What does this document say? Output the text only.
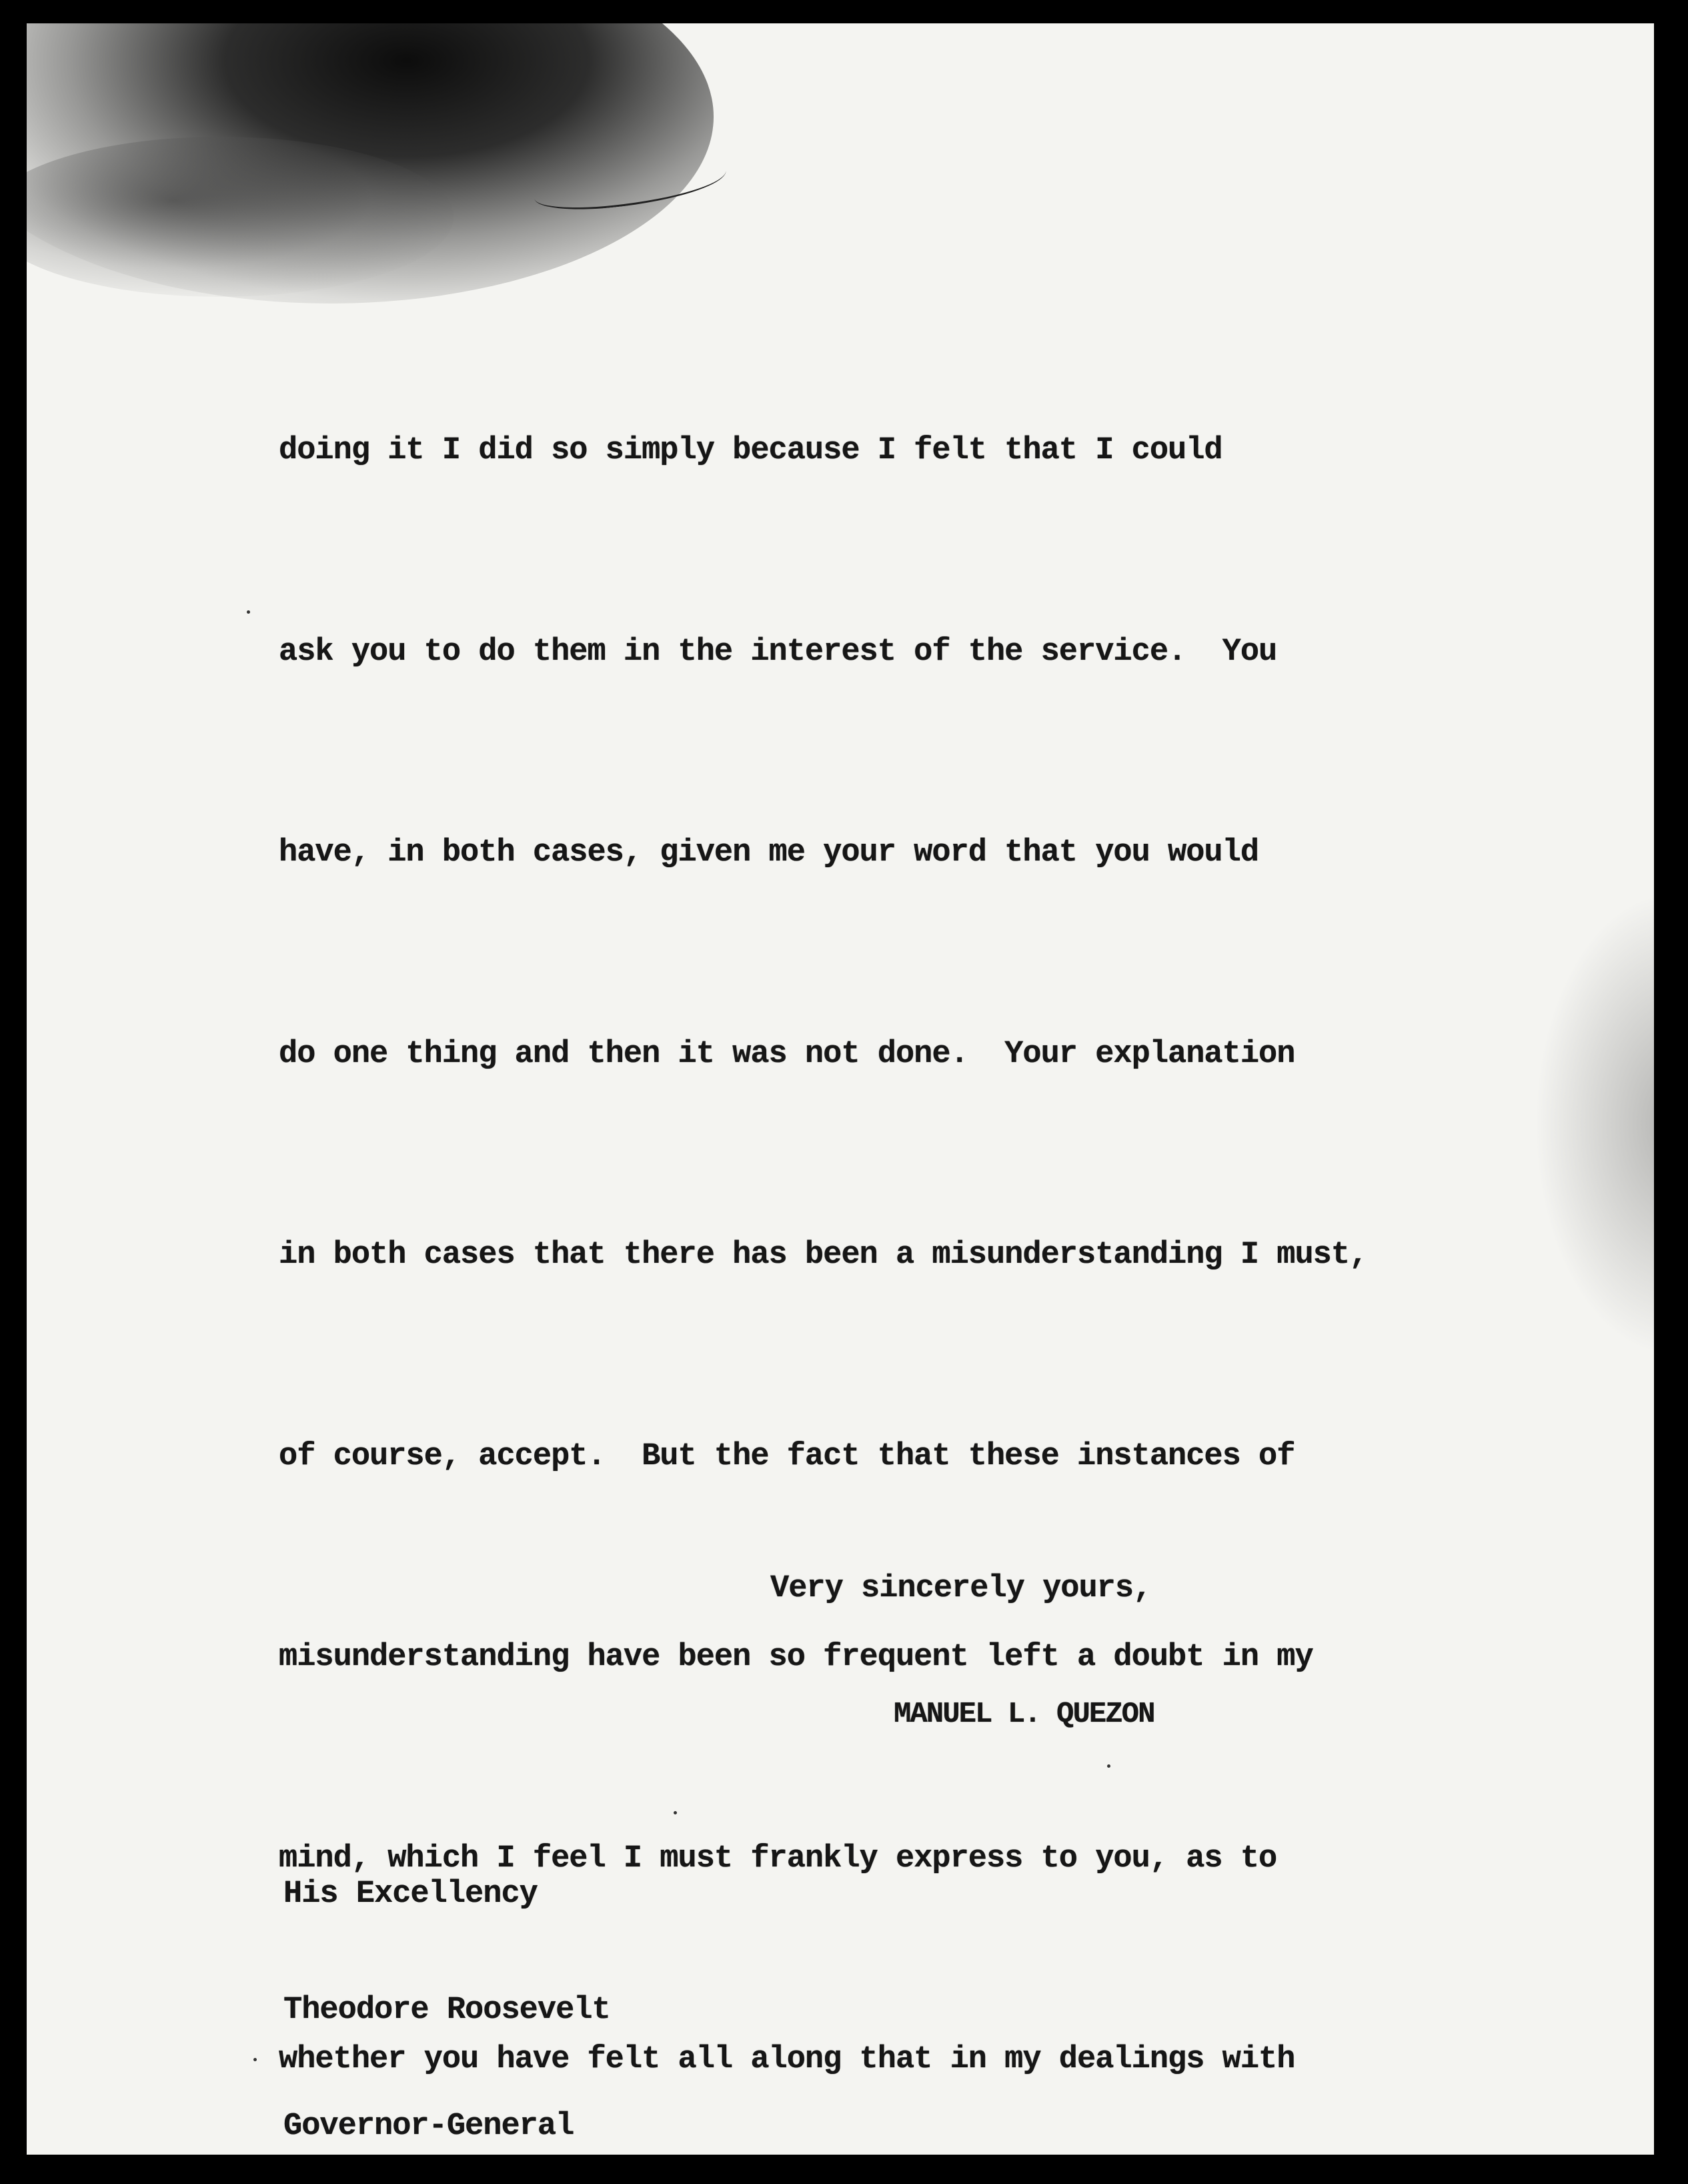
doing it I did so simply because I felt that I could

ask you to do them in the interest of the service.  You

have, in both cases, given me your word that you would

do one thing and then it was not done.  Your explanation

in both cases that there has been a misunderstanding I must,

of course, accept.  But the fact that these instances of

misunderstanding have been so frequent left a doubt in my

mind, which I feel I must frankly express to you, as to

whether you have felt all along that in my dealings with

Very sincerely yours,
MANUEL L. QUEZON

His Excellency

Theodore Roosevelt

Governor-General
